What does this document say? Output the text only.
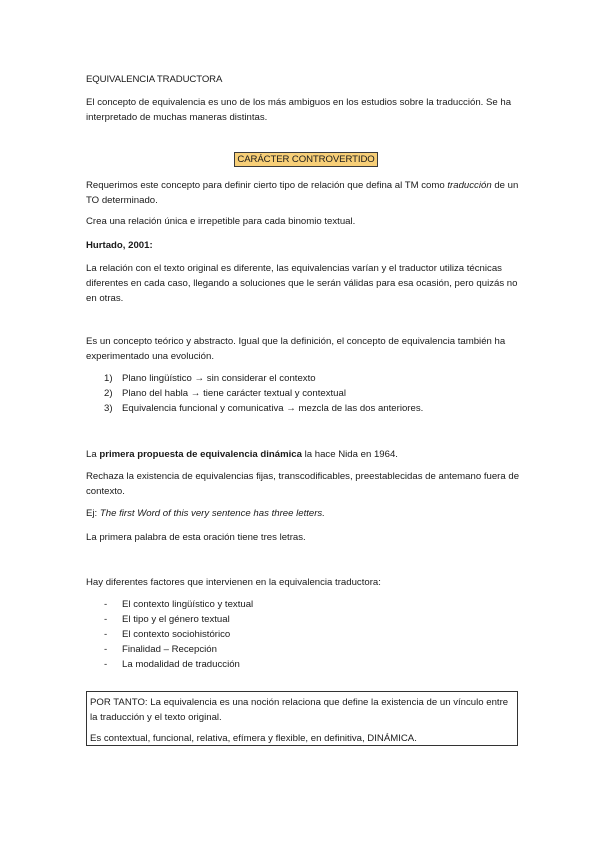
EQUIVALENCIA TRADUCTORA

El concepto de equivalencia es uno de los más ambiguos en los estudios sobre la traducción. Se ha interpretado de muchas maneras distintas.

CARÁCTER CONTROVERTIDO

Requerimos este concepto para definir cierto tipo de relación que defina al TM como traducción de un TO determinado.

Crea una relación única e irrepetible para cada binomio textual.

Hurtado, 2001:

La relación con el texto original es diferente, las equivalencias varían y el traductor utiliza técnicas diferentes en cada caso, llegando a soluciones que le serán válidas para esa ocasión, pero quizás no en otras.

Es un concepto teórico y abstracto. Igual que la definición, el concepto de equivalencia también ha experimentado una evolución.

1) Plano lingüístico → sin considerar el contexto
2) Plano del habla → tiene carácter textual y contextual
3) Equivalencia funcional y comunicativa → mezcla de las dos anteriores.

La primera propuesta de equivalencia dinámica la hace Nida en 1964.

Rechaza la existencia de equivalencias fijas, transcodificables, preestablecidas de antemano fuera de contexto.

Ej: The first Word of this very sentence has three letters.

La primera palabra de esta oración tiene tres letras.

Hay diferentes factores que intervienen en la equivalencia traductora:

- El contexto lingüístico y textual
- El tipo y el género textual
- El contexto sociohistórico
- Finalidad – Recepción
- La modalidad de traducción

POR TANTO: La equivalencia es una noción relaciona que define la existencia de un vínculo entre la traducción y el texto original.

Es contextual, funcional, relativa, efímera y flexible, en definitiva, DINÁMICA.
